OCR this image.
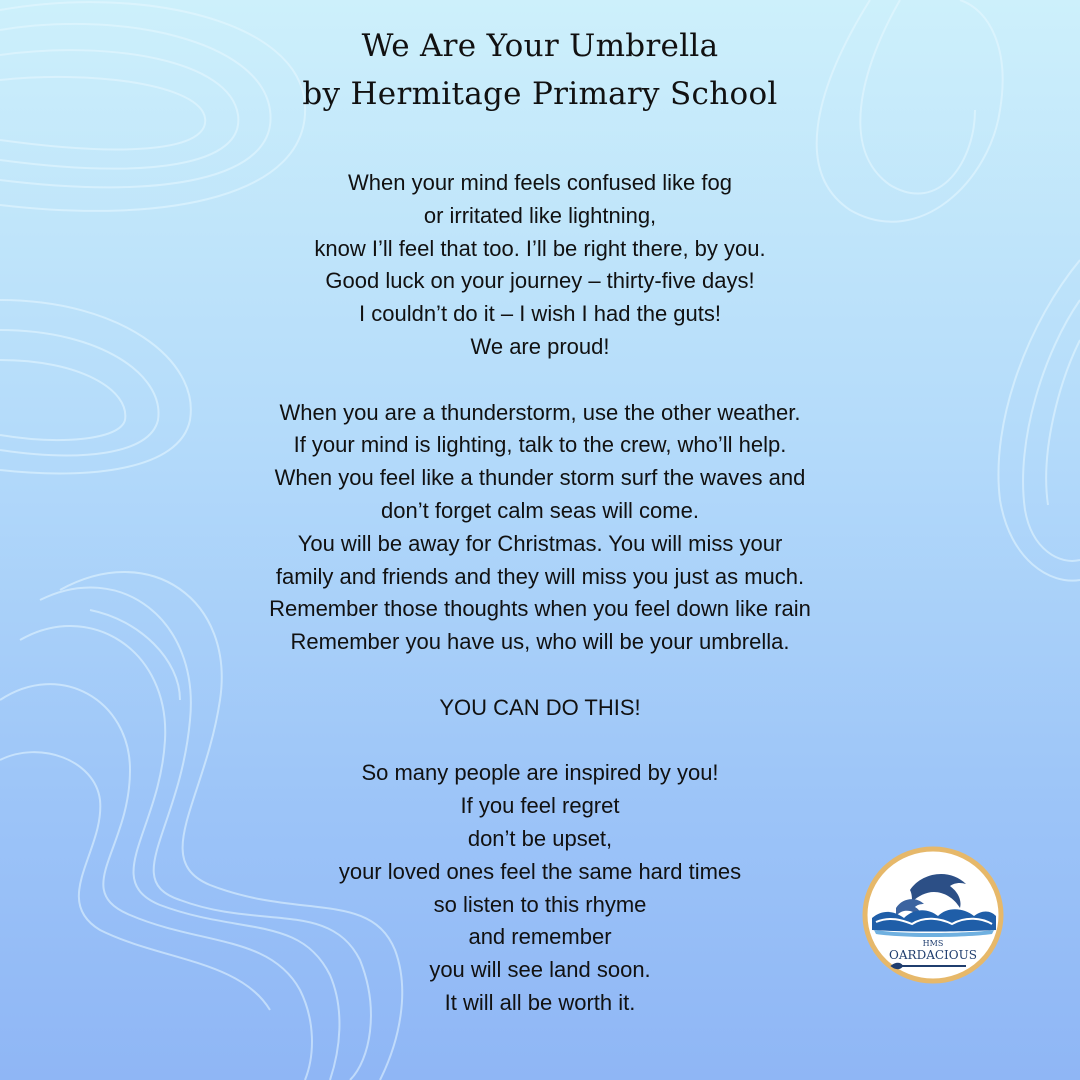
We Are Your Umbrella
by Hermitage Primary School
When your mind feels confused like fog
or irritated like lightning,
know I’ll feel that too. I’ll be right there, by you.
Good luck on your journey – thirty-five days!
I couldn’t do it – I wish I had the guts!
We are proud!
When you are a thunderstorm, use the other weather.
If your mind is lighting, talk to the crew, who’ll help.
When you feel like a thunder storm surf the waves and
don’t forget calm seas will come.
You will be away for Christmas. You will miss your
family and friends and they will miss you just as much.
Remember those thoughts when you feel down like rain
Remember you have us, who will be your umbrella.
YOU CAN DO THIS!
So many people are inspired by you!
If you feel regret
don’t be upset,
your loved ones feel the same hard times
so listen to this rhyme
and remember
you will see land soon.
It will all be worth it.
HMS
OARDACIOUS
